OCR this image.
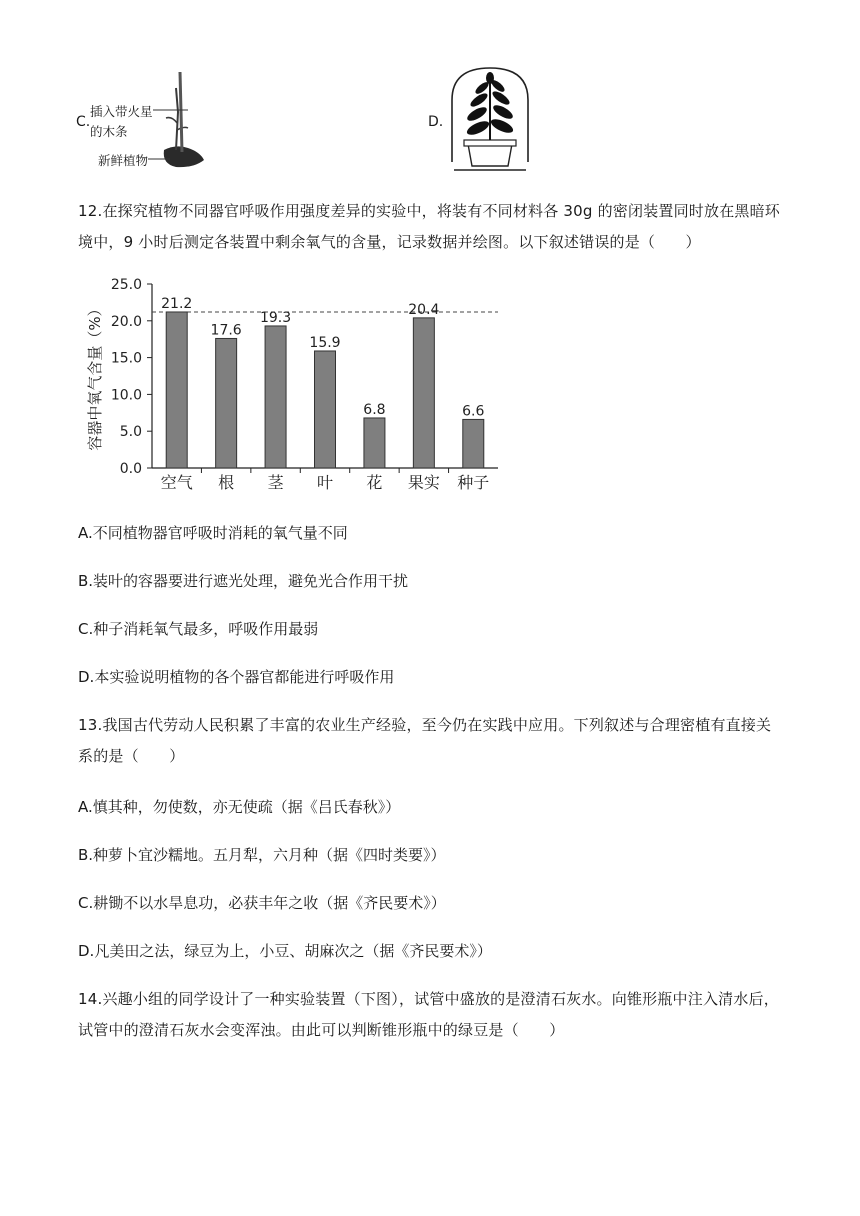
C.
插入带火星
的木条
新鲜植物
D.
12.在探究植物不同器官呼吸作用强度差异的实验中，将装有不同材料各 30g 的密闭装置同时放在黑暗环境中，9 小时后测定各装置中剩余氧气的含量，记录数据并绘图。以下叙述错误的是（　　）
0.0
5.0
10.0
15.0
20.0
25.0
容器中氧气含量（%）	21.2
空气
17.6
根
19.3
茎
15.9
叶
6.8
花
20.4
果实
6.6
种子
A.不同植物器官呼吸时消耗的氧气量不同
B.装叶的容器要进行遮光处理，避免光合作用干扰
C.种子消耗氧气最多，呼吸作用最弱
D.本实验说明植物的各个器官都能进行呼吸作用
13.我国古代劳动人民积累了丰富的农业生产经验，至今仍在实践中应用。下列叙述与合理密植有直接关系的是（　　）
A.慎其种，勿使数，亦无使疏（据《吕氏春秋》）
B.种萝卜宜沙糯地。五月犁，六月种（据《四时类要》）
C.耕锄不以水旱息功，必获丰年之收（据《齐民要术》）
D.凡美田之法，绿豆为上，小豆、胡麻次之（据《齐民要术》）
14.兴趣小组的同学设计了一种实验装置（下图），试管中盛放的是澄清石灰水。向锥形瓶中注入清水后，试管中的澄清石灰水会变浑浊。由此可以判断锥形瓶中的绿豆是（　　）
